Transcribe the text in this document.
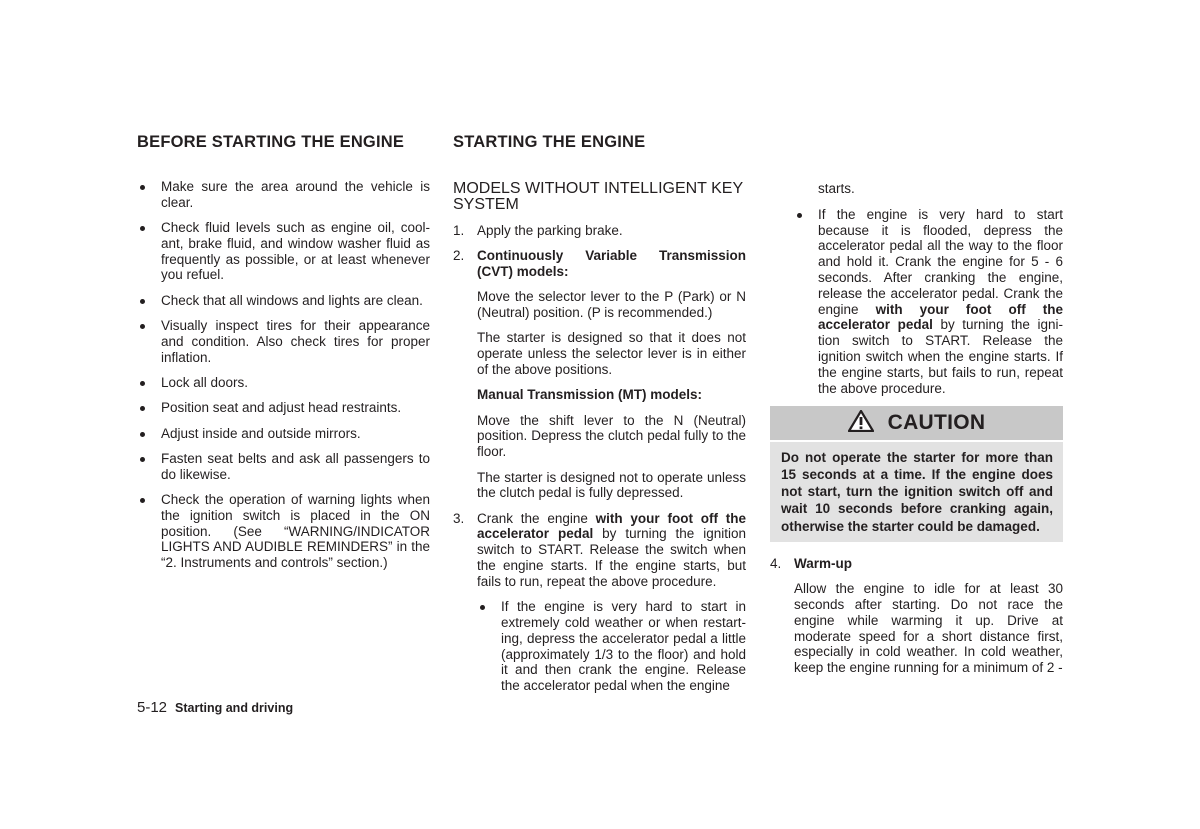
BEFORE STARTING THE ENGINE	STARTING THE ENGINE
Make sure the area around the vehicle is clear.
Check fluid levels such as engine oil, cool-ant, brake fluid, and window washer fluid as frequently as possible, or at least whenever you refuel.
Check that all windows and lights are clean.
Visually inspect tires for their appearance and condition. Also check tires for proper inflation.
Lock all doors.
Position seat and adjust head restraints.
Adjust inside and outside mirrors.
Fasten seat belts and ask all passengers to do likewise.
Check the operation of warning lights when the ignition switch is placed in the ON position. (See “WARNING/INDICATOR LIGHTS AND AUDIBLE REMINDERS” in the “2. Instruments and controls” section.)
MODELS WITHOUT INTELLIGENT KEY SYSTEM
1. Apply the parking brake.
2. Continuously Variable Transmission (CVT) models:
Move the selector lever to the P (Park) or N (Neutral) position. (P is recommended.)
The starter is designed so that it does not operate unless the selector lever is in either of the above positions.
Manual Transmission (MT) models:
Move the shift lever to the N (Neutral) position. Depress the clutch pedal fully to the floor.
The starter is designed not to operate unless the clutch pedal is fully depressed.
3. Crank the engine with your foot off the accelerator pedal by turning the ignition switch to START. Release the switch when the engine starts. If the engine starts, but fails to run, repeat the above procedure.
If the engine is very hard to start in extremely cold weather or when restart-ing, depress the accelerator pedal a little (approximately 1/3 to the floor) and hold it and then crank the engine. Release the accelerator pedal when the engine
starts.
If the engine is very hard to start because it is flooded, depress the accelerator pedal all the way to the floor and hold it. Crank the engine for 5 - 6 seconds. After cranking the engine, release the accelerator pedal. Crank the engine with your foot off the accelerator pedal by turning the igni-tion switch to START. Release the ignition switch when the engine starts. If the engine starts, but fails to run, repeat the above procedure.
CAUTION
Do not operate the starter for more than 15 seconds at a time. If the engine does not start, turn the ignition switch off and wait 10 seconds before cranking again, otherwise the starter could be damaged.
4. Warm-up
Allow the engine to idle for at least 30 seconds after starting. Do not race the engine while warming it up. Drive at moderate speed for a short distance first, especially in cold weather. In cold weather, keep the engine running for a minimum of 2 -
5-12 Starting and driving
